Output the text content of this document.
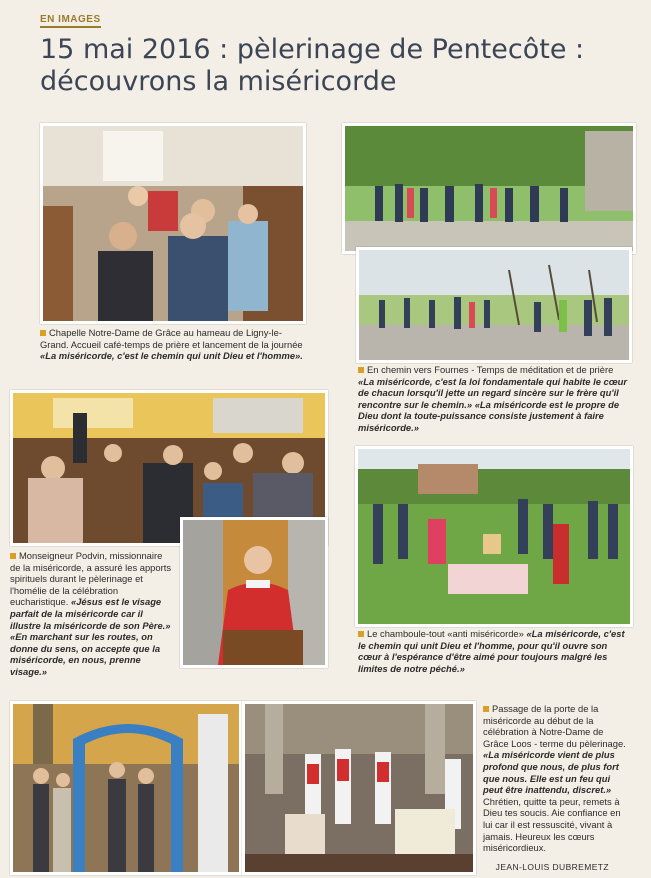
EN IMAGES
15 mai 2016 : pèlerinage de Pentecôte :
découvrons la miséricorde
Chapelle Notre-Dame de Grâce au hameau de Ligny-le-Grand. Accueil café-temps de prière et lancement de la journée «La miséricorde, c'est le chemin qui unit Dieu et l'homme».
En chemin vers Fournes - Temps de méditation et de prière «La miséricorde, c'est la loi fondamentale qui habite le cœur de chacun lorsqu'il jette un regard sincère sur le frère qu'il rencontre sur le chemin.» «La miséricorde est le propre de Dieu dont la toute-puissance consiste justement à faire miséricorde.»
Monseigneur Podvin, missionnaire de la miséricorde, a assuré les apports spirituels durant le pèlerinage et l'homélie de la célébration eucharistique. «Jésus est le visage parfait de la miséricorde car il illustre la miséricorde de son Père.» «En marchant sur les routes, on donne du sens, on accepte que la miséricorde, en nous, prenne visage.»
Le chamboule-tout «anti miséricorde» «La miséricorde, c'est le chemin qui unit Dieu et l'homme, pour qu'il ouvre son cœur à l'espérance d'être aimé pour toujours malgré les limites de notre péché.»
Passage de la porte de la miséricorde au début de la célébration à Notre-Dame de Grâce Loos - terme du pèlerinage. «La miséricorde vient de plus profond que nous, de plus fort que nous. Elle est un feu qui peut être inattendu, discret.» Chrétien, quitte ta peur, remets à Dieu tes soucis. Aie confiance en lui car il est ressuscité, vivant à jamais. Heureux les cœurs miséricordieux.
JEAN-LOUIS DUBREMETZ
